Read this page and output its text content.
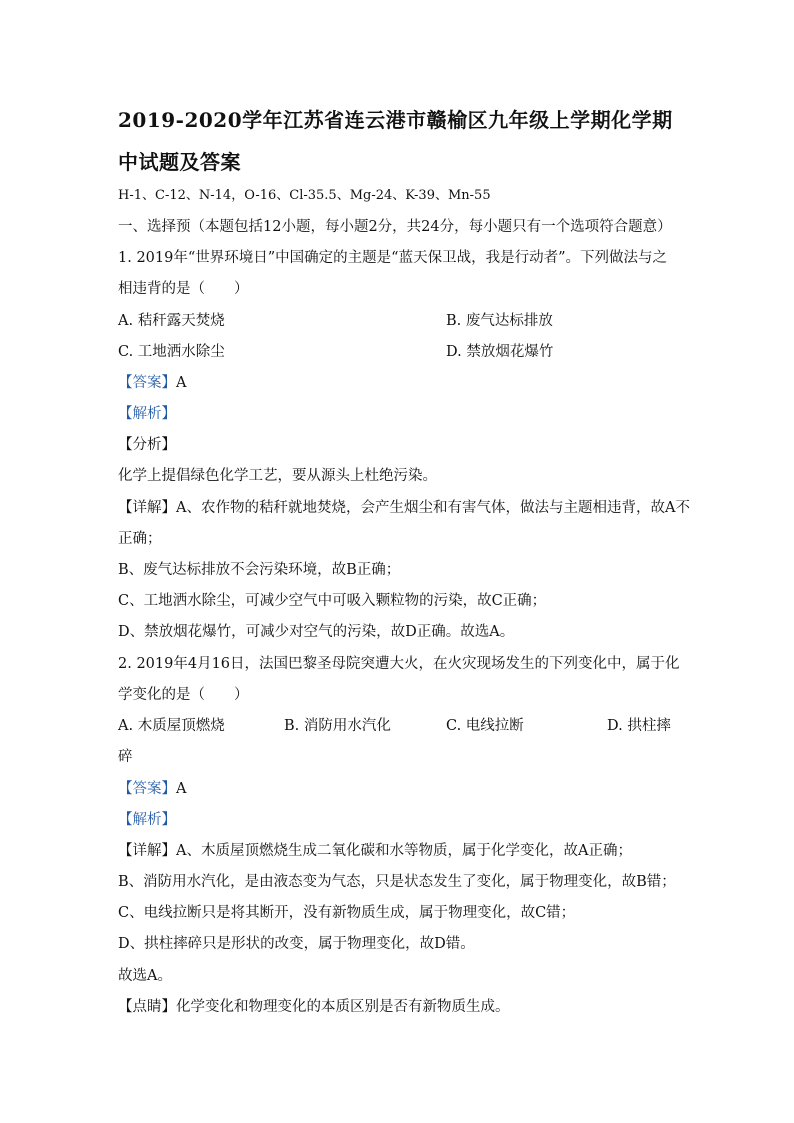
2019-2020学年江苏省连云港市赣榆区九年级上学期化学期
中试题及答案
H-1、C-12、N-14，O-16、Cl-35.5、Mg-24、K-39、Mn-55
一、选择预（本题包括12小题，每小题2分，共24分，每小题只有一个选项符合题意）
1. 2019年“世界环境日”中国确定的主题是“蓝天保卫战，我是行动者”。下列做法与之
相违背的是（　　）
A. 秸秆露天焚烧	B. 废气达标排放
C. 工地洒水除尘	D. 禁放烟花爆竹
【答案】A
【解析】
【分析】
化学上提倡绿色化学工艺，要从源头上杜绝污染。
【详解】A、农作物的秸秆就地焚烧，会产生烟尘和有害气体，做法与主题相违背，故A不
正确；
B、废气达标排放不会污染环境，故B正确；
C、工地洒水除尘，可减少空气中可吸入颗粒物的污染，故C正确；
D、禁放烟花爆竹，可减少对空气的污染，故D正确。故选A。
2. 2019年4月16日，法国巴黎圣母院突遭大火，在火灾现场发生的下列变化中，属于化
学变化的是（　　）
A. 木质屋顶燃烧	B. 消防用水汽化	C. 电线拉断	D. 拱柱摔
碎
【答案】A
【解析】
【详解】A、木质屋顶燃烧生成二氧化碳和水等物质，属于化学变化，故A正确；
B、消防用水汽化，是由液态变为气态，只是状态发生了变化，属于物理变化，故B错；
C、电线拉断只是将其断开，没有新物质生成，属于物理变化，故C错；
D、拱柱摔碎只是形状的改变，属于物理变化，故D错。
故选A。
【点睛】化学变化和物理变化的本质区别是否有新物质生成。
